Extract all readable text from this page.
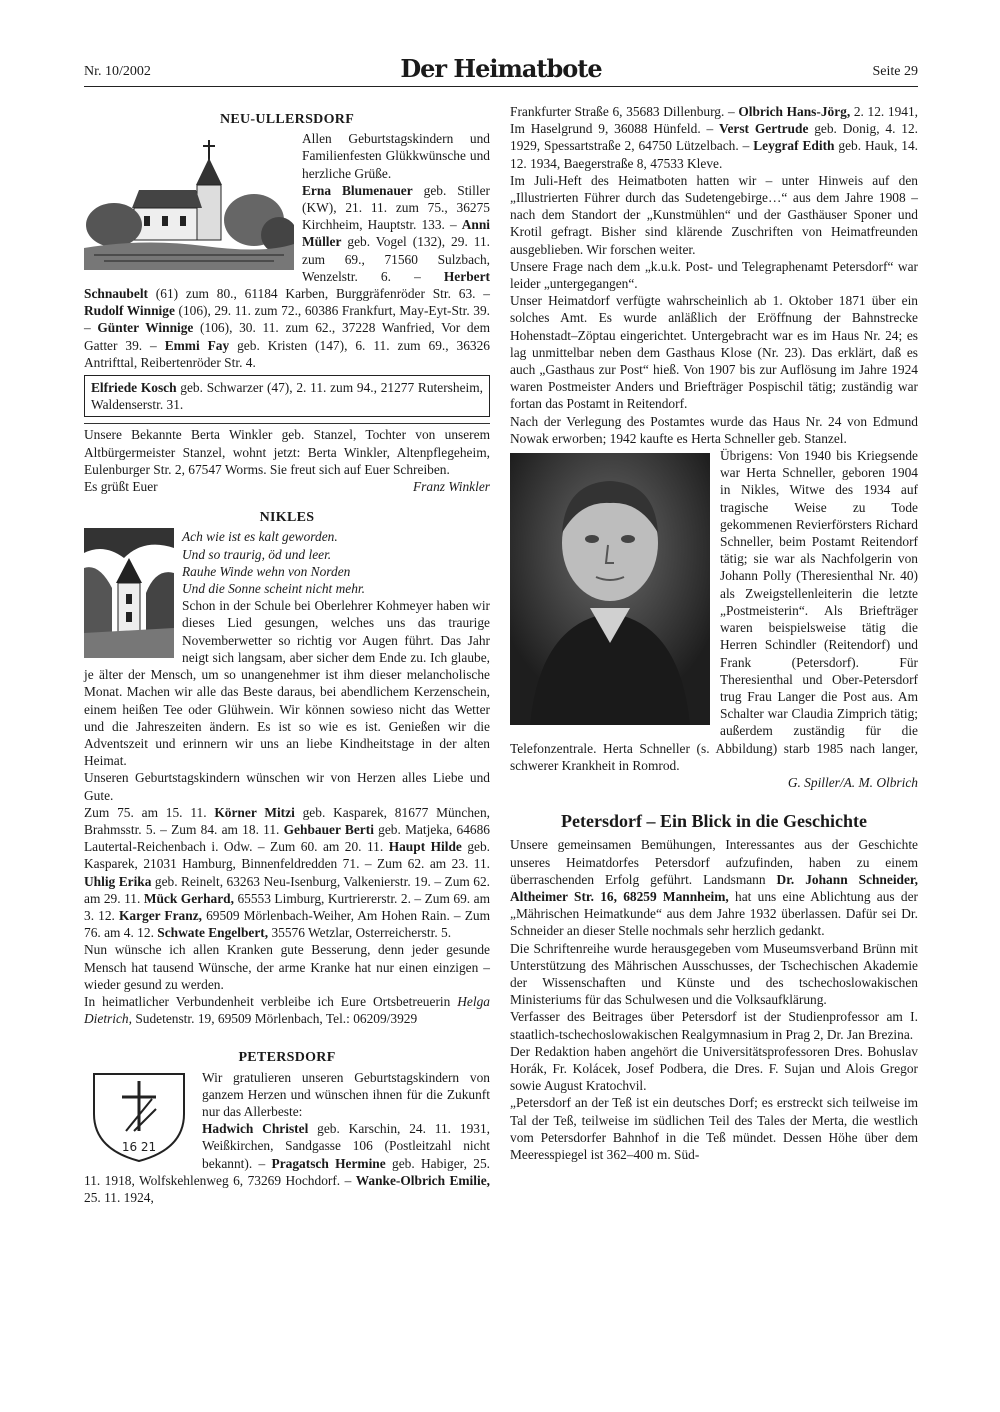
Nr. 10/2002	Der Heimatbote	Seite 29
NEU-ULLERSDORF

Allen Geburtstagskindern und Familienfesten Glükkwünsche und herzliche Grüße.

Erna Blumenauer geb. Stiller (KW), 21. 11. zum 75., 36275 Kirchheim, Hauptstr. 133. – Anni Müller geb. Vogel (132), 29. 11. zum 69., 71560 Sulzbach, Wenzelstr. 6. – Herbert Schnaubelt (61) zum 80., 61184 Karben, Burggräfenröder Str. 63. – Rudolf Winnige (106), 29. 11. zum 72., 60386 Frankfurt, May-Eyt-Str. 39. – Günter Winnige (106), 30. 11. zum 62., 37228 Wanfried, Vor dem Gatter 39. – Emmi Fay geb. Kristen (147), 6. 11. zum 69., 36326 Antrifttal, Reibertenröder Str. 4.

Elfriede Kosch geb. Schwarzer (47), 2. 11. zum 94., 21277 Rutersheim, Waldenserstr. 31.

Unsere Bekannte Berta Winkler geb. Stanzel, Tochter von unserem Altbürgermeister Stanzel, wohnt jetzt: Berta Winkler, Altenpflegeheim, Eulenburger Str. 2, 67547 Worms. Sie freut sich auf Euer Schreiben.

Es grüßt Euer	Franz Winkler
NIKLES
Ach wie ist es kalt geworden.
Und so traurig, öd und leer.
Rauhe Winde wehn von Norden
Und die Sonne scheint nicht mehr.

Schon in der Schule bei Oberlehrer Kohmeyer haben wir dieses Lied gesungen, welches uns das traurige Novemberwetter so richtig vor Augen führt. Das Jahr neigt sich langsam, aber sicher dem Ende zu. Ich glaube, je älter der Mensch, um so unangenehmer ist ihm dieser melancholische Monat. Machen wir alle das Beste daraus, bei abendlichem Kerzenschein, einem heißen Tee oder Glühwein. Wir können sowieso nicht das Wetter und die Jahreszeiten ändern. Es ist so wie es ist. Genießen wir die Adventszeit und erinnern wir uns an liebe Kindheitstage in der alten Heimat.

Unseren Geburtstagskindern wünschen wir von Herzen alles Liebe und Gute.

Zum 75. am 15. 11. Körner Mitzi geb. Kasparek, 81677 München, Brahmsstr. 5. – Zum 84. am 18. 11. Gehbauer Berti geb. Matjeka, 64686 Lautertal-Reichenbach i. Odw. – Zum 60. am 20. 11. Haupt Hilde geb. Kasparek, 21031 Hamburg, Binnenfeldredden 71. – Zum 62. am 23. 11. Uhlig Erika geb. Reinelt, 63263 Neu-Isenburg, Valkenierstr. 19. – Zum 62. am 29. 11. Mück Gerhard, 65553 Limburg, Kurtriererstr. 2. – Zum 69. am 3. 12. Karger Franz, 69509 Mörlenbach-Weiher, Am Hohen Rain. – Zum 76. am 4. 12. Schwate Engelbert, 35576 Wetzlar, Osterreicherstr. 5.

Nun wünsche ich allen Kranken gute Besserung, denn jeder gesunde Mensch hat tausend Wünsche, der arme Kranke hat nur einen einzigen – wieder gesund zu werden.

In heimatlicher Verbundenheit verbleibe ich Eure Ortsbetreuerin Helga Dietrich, Sudetenstr. 19, 69509 Mörlenbach, Tel.: 06209/3929

PETERSDORF
16 21

Wir gratulieren unseren Geburtstagskindern von ganzem Herzen und wünschen ihnen für die Zukunft nur das Allerbeste:

Hadwich Christel geb. Karschin, 24. 11. 1931, Weißkirchen, Sandgasse 106 (Postleitzahl nicht bekannt). – Pragatsch Hermine geb. Habiger, 25. 11. 1918, Wolfskehlenweg 6, 73269 Hochdorf. – Wanke-Olbrich Emilie, 25. 11. 1924,

Frankfurter Straße 6, 35683 Dillenburg. – Olbrich Hans-Jörg, 2. 12. 1941, Im Haselgrund 9, 36088 Hünfeld. – Verst Gertrude geb. Donig, 4. 12. 1929, Spessartstraße 2, 64750 Lützelbach. – Leygraf Edith geb. Hauk, 14. 12. 1934, Baegerstraße 8, 47533 Kleve.

Im Juli-Heft des Heimatboten hatten wir – unter Hinweis auf den „Illustrierten Führer durch das Sudetengebirge…“ aus dem Jahre 1908 – nach dem Standort der „Kunstmühlen“ und der Gasthäuser Sponer und Krotil gefragt. Bisher sind klärende Zuschriften von Heimatfreunden ausgeblieben. Wir forschen weiter.

Unsere Frage nach dem „k.u.k. Post- und Telegraphenamt Petersdorf“ war leider „untergegangen“.

Unser Heimatdorf verfügte wahrscheinlich ab 1. Oktober 1871 über ein solches Amt. Es wurde anläßlich der Eröffnung der Bahnstrecke Hohenstadt–Zöptau eingerichtet. Untergebracht war es im Haus Nr. 24; es lag unmittelbar neben dem Gasthaus Klose (Nr. 23). Das erklärt, daß es auch „Gasthaus zur Post“ hieß. Von 1907 bis zur Auflösung im Jahre 1924 waren Postmeister Anders und Briefträger Pospischil tätig; zuständig war fortan das Postamt in Reitendorf.

Nach der Verlegung des Postamtes wurde das Haus Nr. 24 von Edmund Nowak erworben; 1942 kaufte es Herta Schneller geb. Stanzel.

Übrigens: Von 1940 bis Kriegsende war Herta Schneller, geboren 1904 in Nikles, Witwe des 1934 auf tragische Weise zu Tode gekommenen Revierförsters Richard Schneller, beim Postamt Reitendorf tätig; sie war als Nachfolgerin von Johann Polly (Theresienthal Nr. 40) als Zweigstellenleiterin die letzte „Postmeisterin“. Als Briefträger waren beispielsweise tätig die Herren Schindler (Reitendorf) und Frank (Petersdorf). Für Theresienthal und Ober-Petersdorf trug Frau Langer die Post aus. Am Schalter war Claudia Zimprich tätig; außerdem zuständig für die Telefonzentrale. Herta Schneller (s. Abbildung) starb 1985 nach langer, schwerer Krankheit in Romrod.

G. Spiller/A. M. Olbrich
Petersdorf – Ein Blick in die Geschichte

Unsere gemeinsamen Bemühungen, Interessantes aus der Geschichte unseres Heimatdorfes Petersdorf aufzufinden, haben zu einem überraschenden Erfolg geführt. Landsmann Dr. Johann Schneider, Altheimer Str. 16, 68259 Mannheim, hat uns eine Ablichtung aus der „Mährischen Heimatkunde“ aus dem Jahre 1932 überlassen. Dafür sei Dr. Schneider an dieser Stelle nochmals sehr herzlich gedankt.

Die Schriftenreihe wurde herausgegeben vom Museumsverband Brünn mit Unterstützung des Mährischen Ausschusses, der Tschechischen Akademie der Wissenschaften und Künste und des tschechoslowakischen Ministeriums für das Schulwesen und die Volksaufklärung.

Verfasser des Beitrages über Petersdorf ist der Studienprofessor am I. staatlich-tschechoslowakischen Realgymnasium in Prag 2, Dr. Jan Brezina.

Der Redaktion haben angehört die Universitätsprofessoren Dres. Bohuslav Horák, Fr. Kolácek, Josef Podbera, die Dres. F. Sujan und Alois Gregor sowie August Kratochvil.

„Petersdorf an der Teß ist ein deutsches Dorf; es erstreckt sich teilweise im Tal der Teß, teilweise im südlichen Teil des Tales der Merta, die westlich vom Petersdorfer Bahnhof in die Teß mündet. Dessen Höhe über dem Meeresspiegel ist 362–400 m. Süd-
